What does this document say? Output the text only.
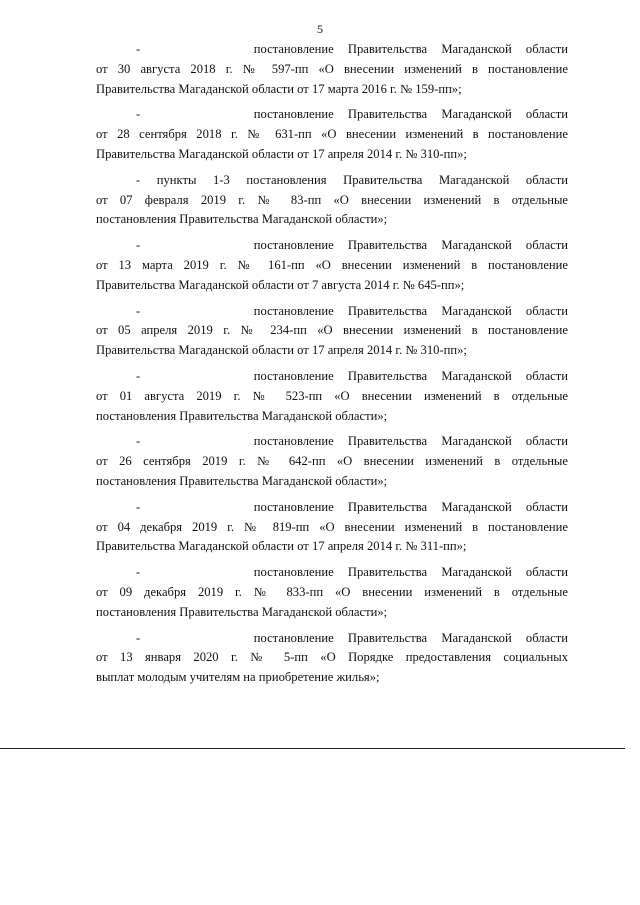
5
-        постановление Правительства Магаданской области
от 30 августа 2018 г. № 597-пп «О внесении изменений в постановление
Правительства Магаданской области от 17 марта 2016 г. № 159-пп»;
-        постановление Правительства Магаданской области
от 28 сентября 2018 г. № 631-пп «О внесении изменений в постановление
Правительства Магаданской области от 17 апреля 2014 г. № 310-пп»;
- пункты 1-3 постановления Правительства Магаданской области
от 07 февраля 2019 г. № 83-пп «О внесении изменений в отдельные
постановления Правительства Магаданской области»;
-        постановление Правительства Магаданской области
от 13 марта 2019 г. № 161-пп «О внесении изменений в постановление
Правительства Магаданской области от 7 августа 2014 г. № 645-пп»;
-        постановление Правительства Магаданской области
от 05 апреля 2019 г. № 234-пп «О внесении изменений в постановление
Правительства Магаданской области от 17 апреля 2014 г. № 310-пп»;
-        постановление Правительства Магаданской области
от 01 августа 2019 г. № 523-пп «О внесении изменений в отдельные
постановления Правительства Магаданской области»;
-        постановление Правительства Магаданской области
от 26 сентября 2019 г. № 642-пп «О внесении изменений в отдельные
постановления Правительства Магаданской области»;
-        постановление Правительства Магаданской области
от 04 декабря 2019 г. № 819-пп «О внесении изменений в постановление
Правительства Магаданской области от 17 апреля 2014 г. № 311-пп»;
-        постановление Правительства Магаданской области
от 09 декабря 2019 г. № 833-пп «О внесении изменений в отдельные
постановления Правительства Магаданской области»;
-        постановление Правительства Магаданской области
от 13 января 2020 г. № 5-пп «О Порядке предоставления социальных
выплат молодым учителям на приобретение жилья»;
